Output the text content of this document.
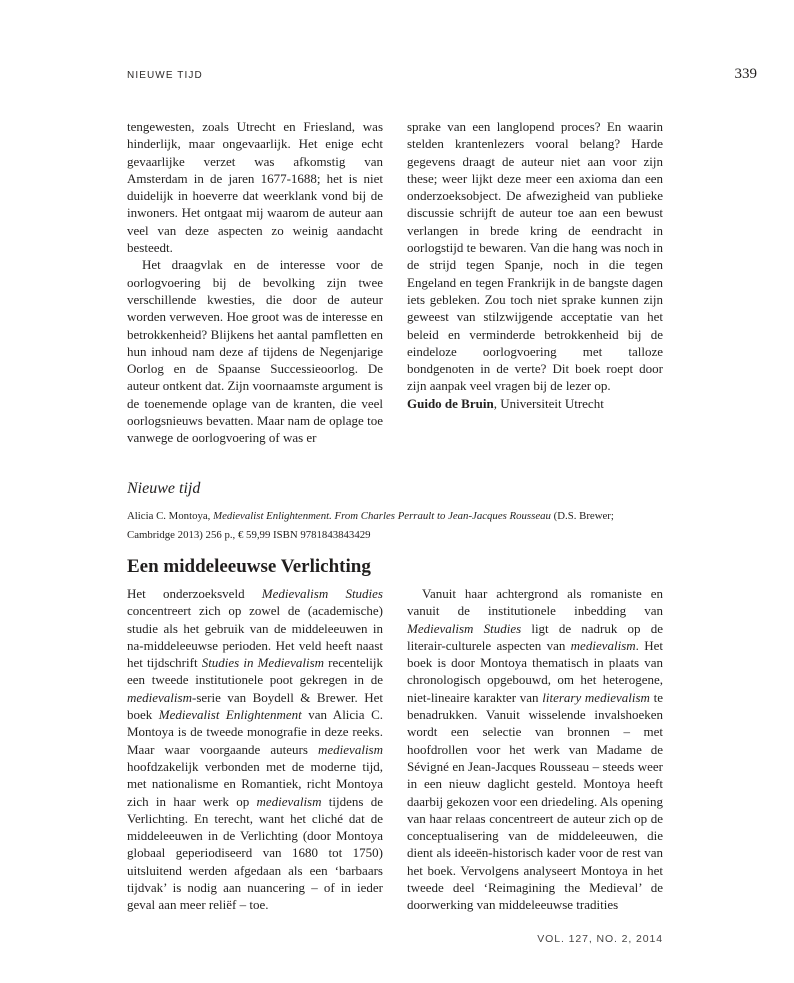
NIEUWE TIJD	339

tengewesten, zoals Utrecht en Friesland, was hinderlijk, maar ongevaarlijk. Het enige echt gevaarlijke verzet was afkomstig van Amsterdam in de jaren 1677-1688; het is niet duidelijk in hoeverre dat weerklank vond bij de inwoners. Het ontgaat mij waarom de auteur aan veel van deze aspecten zo weinig aandacht besteedt.

Het draagvlak en de interesse voor de oorlogvoering bij de bevolking zijn twee verschillende kwesties, die door de auteur worden verweven. Hoe groot was de interesse en betrokkenheid? Blijkens het aantal pamfletten en hun inhoud nam deze af tijdens de Negenjarige Oorlog en de Spaanse Successieoorlog. De auteur ontkent dat. Zijn voornaamste argument is de toenemende oplage van de kranten, die veel oorlogsnieuws bevatten. Maar nam de oplage toe vanwege de oorlogvoering of was er

sprake van een langlopend proces? En waarin stelden krantenlezers vooral belang? Harde gegevens draagt de auteur niet aan voor zijn these; weer lijkt deze meer een axioma dan een onderzoeksobject. De afwezigheid van publieke discussie schrijft de auteur toe aan een bewust verlangen in brede kring de eendracht in oorlogstijd te bewaren. Van die hang was noch in de strijd tegen Spanje, noch in die tegen Engeland en tegen Frankrijk in de bangste dagen iets gebleken. Zou toch niet sprake kunnen zijn geweest van stilzwijgende acceptatie van het beleid en verminderde betrokkenheid bij de eindeloze oorlogvoering met talloze bondgenoten in de verte? Dit boek roept door zijn aanpak veel vragen bij de lezer op.

Guido de Bruin, Universiteit Utrecht

Nieuwe tijd

Alicia C. Montoya, Medievalist Enlightenment. From Charles Perrault to Jean-Jacques Rousseau (D.S. Brewer; Cambridge 2013) 256 p., € 59,99 ISBN 9781843843429

Een middeleeuwse Verlichting

Het onderzoeksveld Medievalism Studies concentreert zich op zowel de (academische) studie als het gebruik van de middeleeuwen in na-middeleeuwse perioden. Het veld heeft naast het tijdschrift Studies in Medievalism recentelijk een tweede institutionele poot gekregen in de medievalism-serie van Boydell & Brewer. Het boek Medievalist Enlightenment van Alicia C. Montoya is de tweede monografie in deze reeks. Maar waar voorgaande auteurs medievalism hoofdzakelijk verbonden met de moderne tijd, met nationalisme en Romantiek, richt Montoya zich in haar werk op medievalism tijdens de Verlichting. En terecht, want het cliché dat de middeleeuwen in de Verlichting (door Montoya globaal geperiodiseerd van 1680 tot 1750) uitsluitend werden afgedaan als een ‘barbaars tijdvak’ is nodig aan nuancering – of in ieder geval aan meer reliëf – toe.

Vanuit haar achtergrond als romaniste en vanuit de institutionele inbedding van Medievalism Studies ligt de nadruk op de literair-culturele aspecten van medievalism. Het boek is door Montoya thematisch in plaats van chronologisch opgebouwd, om het heterogene, niet-lineaire karakter van literary medievalism te benadrukken. Vanuit wisselende invalshoeken wordt een selectie van bronnen – met hoofdrollen voor het werk van Madame de Sévigné en Jean-Jacques Rousseau – steeds weer in een nieuw daglicht gesteld. Montoya heeft daarbij gekozen voor een driedeling. Als opening van haar relaas concentreert de auteur zich op de conceptualisering van de middeleeuwen, die dient als ideeën-historisch kader voor de rest van het boek. Vervolgens analyseert Montoya in het tweede deel ‘Reimagining the Medieval’ de doorwerking van middeleeuwse tradities

VOL. 127, NO. 2, 2014
